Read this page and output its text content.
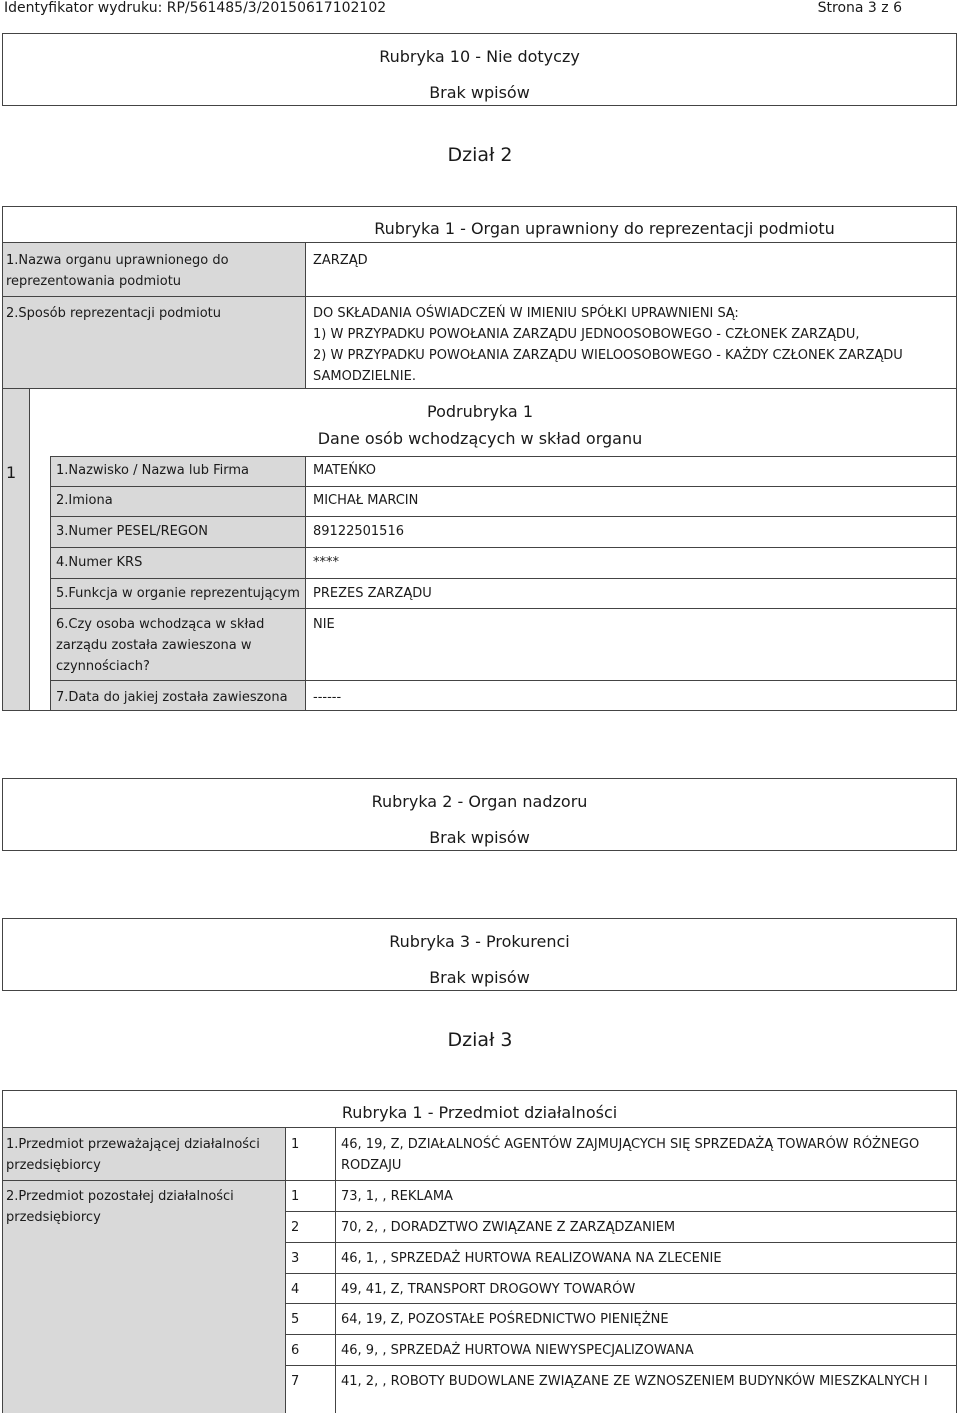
Identyfikator wydruku: RP/561485/3/20150617102102	Strona 3 z 6
Rubryka 10 - Nie dotyczy
Brak wpisów
Dział 2
Rubryka 1 - Organ uprawniony do reprezentacji podmiotu
1.Nazwa organu uprawnionego do reprezentowania podmiotu
ZARZĄD
2.Sposób reprezentacji podmiotu	DO SKŁADANIA OŚWIADCZEŃ W IMIENIU SPÓŁKI UPRAWNIENI SĄ:
1) W PRZYPADKU POWOŁANIA ZARZĄDU JEDNOOSOBOWEGO - CZŁONEK ZARZĄDU,
2) W PRZYPADKU POWOŁANIA ZARZĄDU WIELOOSOBOWEGO - KAŻDY CZŁONEK ZARZĄDU
SAMODZIELNIE.
Podrubryka 1
Dane osób wchodzących w skład organu
1	1.Nazwisko / Nazwa lub Firma	MATEŃKO
2.Imiona	MICHAŁ MARCIN
3.Numer PESEL/REGON	89122501516
4.Numer KRS	****
5.Funkcja w organie reprezentującym PREZES ZARZĄDU
6.Czy osoba wchodząca w skład zarządu została zawieszona w czynnościach?
NIE
7.Data do jakiej została zawieszona ------
Rubryka 2 - Organ nadzoru
Brak wpisów
Rubryka 3 - Prokurenci
Brak wpisów
Dział 3
Rubryka 1 - Przedmiot działalności
1.Przedmiot przeważającej działalności przedsiębiorcy
1	46, 19, Z, DZIAŁALNOŚĆ AGENTÓW ZAJMUJĄCYCH SIĘ SPRZEDAŻĄ TOWARÓW RÓŻNEGO RODZAJU
2.Przedmiot pozostałej działalności przedsiębiorcy
1	73, 1, , REKLAMA
2	70, 2, , DORADZTWO ZWIĄZANE Z ZARZĄDZANIEM
3	46, 1, , SPRZEDAŻ HURTOWA REALIZOWANA NA ZLECENIE
4	49, 41, Z, TRANSPORT DROGOWY TOWARÓW
5	64, 19, Z, POZOSTAŁE POŚREDNICTWO PIENIĘŻNE
6	46, 9, , SPRZEDAŻ HURTOWA NIEWYSPECJALIZOWANA
7	41, 2, , ROBOTY BUDOWLANE ZWIĄZANE ZE WZNOSZENIEM BUDYNKÓW MIESZKALNYCH I
